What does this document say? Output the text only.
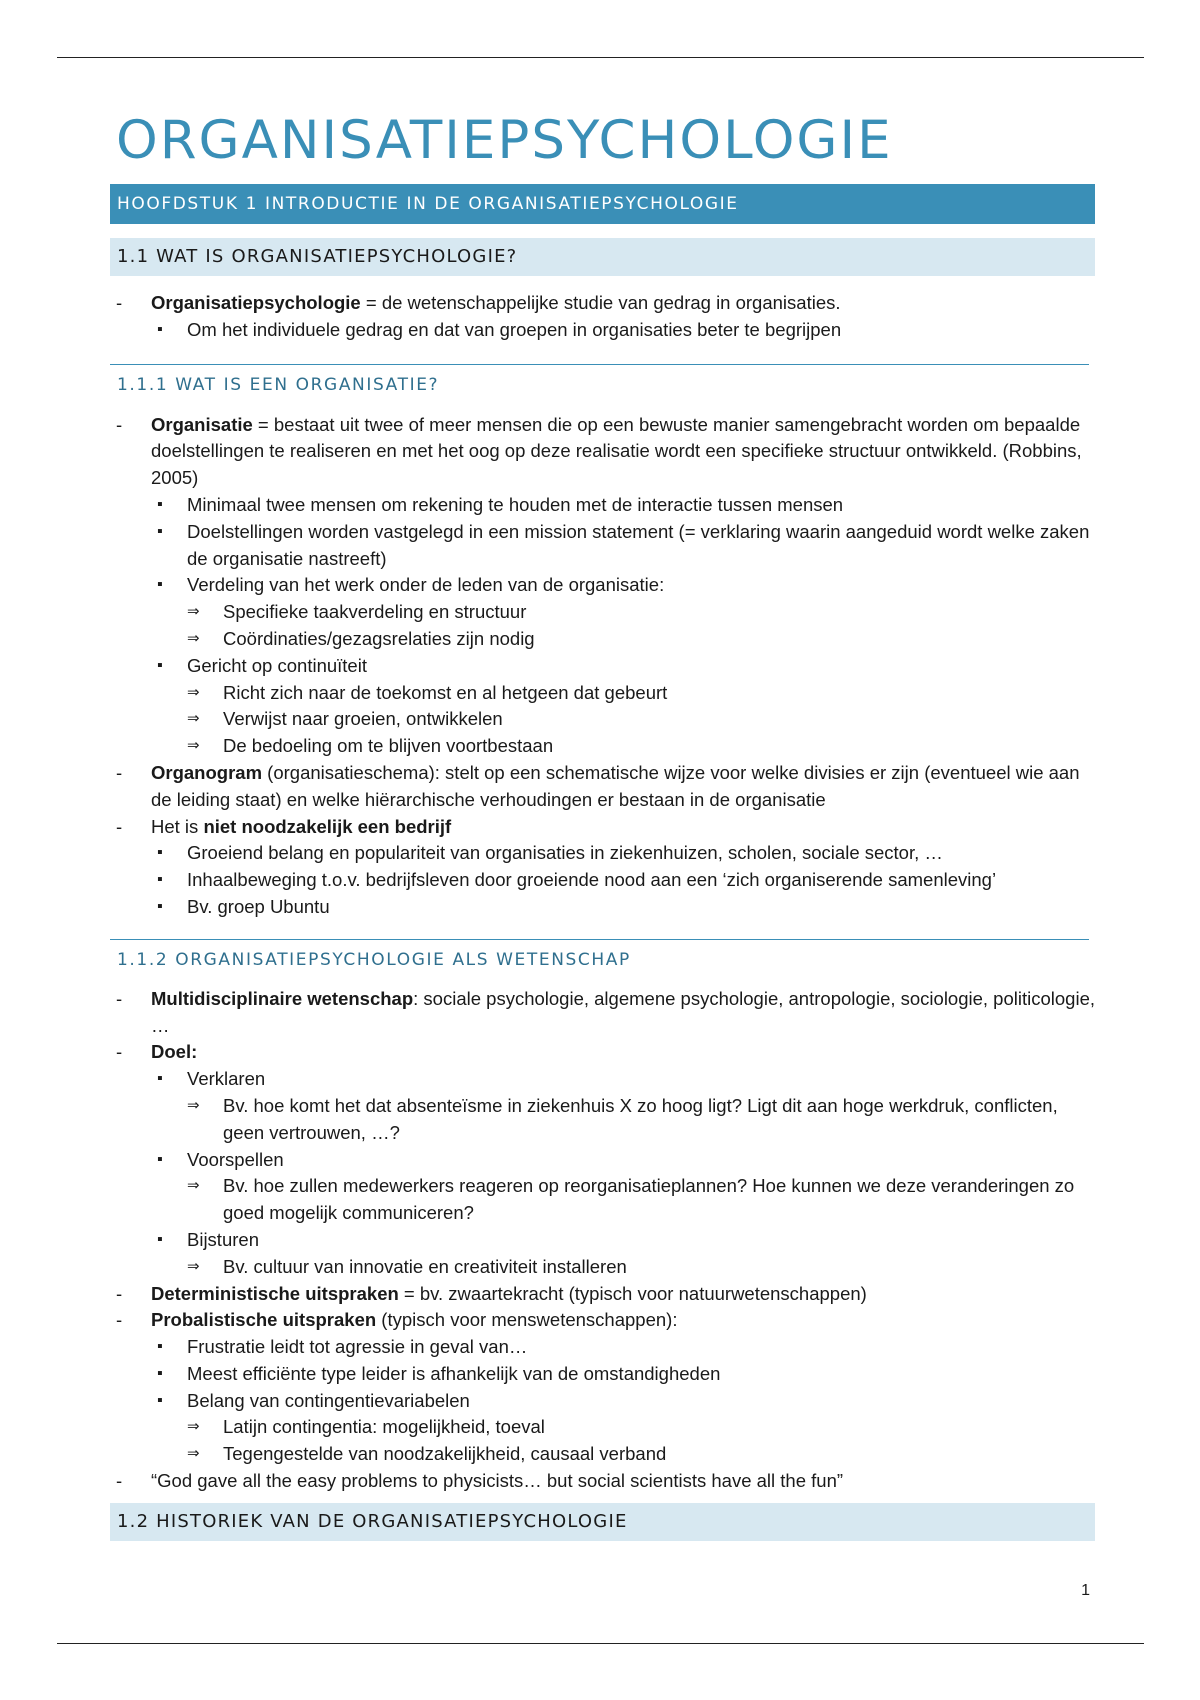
ORGANISATIEPSYCHOLOGIE
HOOFDSTUK 1 INTRODUCTIE IN DE ORGANISATIEPSYCHOLOGIE
1.1 WAT IS ORGANISATIEPSYCHOLOGIE?
- Organisatiepsychologie = de wetenschappelijke studie van gedrag in organisaties.
▪ Om het individuele gedrag en dat van groepen in organisaties beter te begrijpen
1.1.1 WAT IS EEN ORGANISATIE?
- Organisatie = bestaat uit twee of meer mensen die op een bewuste manier samengebracht worden om bepaalde doelstellingen te realiseren en met het oog op deze realisatie wordt een specifieke structuur ontwikkeld. (Robbins, 2005)
▪ Minimaal twee mensen om rekening te houden met de interactie tussen mensen
▪ Doelstellingen worden vastgelegd in een mission statement (= verklaring waarin aangeduid wordt welke zaken de organisatie nastreeft)
▪ Verdeling van het werk onder de leden van de organisatie:
⇒ Specifieke taakverdeling en structuur
⇒ Coördinaties/gezagsrelaties zijn nodig
▪ Gericht op continuïteit
⇒ Richt zich naar de toekomst en al hetgeen dat gebeurt
⇒ Verwijst naar groeien, ontwikkelen
⇒ De bedoeling om te blijven voortbestaan
- Organogram (organisatieschema): stelt op een schematische wijze voor welke divisies er zijn (eventueel wie aan de leiding staat) en welke hiërarchische verhoudingen er bestaan in de organisatie
- Het is niet noodzakelijk een bedrijf
▪ Groeiend belang en populariteit van organisaties in ziekenhuizen, scholen, sociale sector, …
▪ Inhaalbeweging t.o.v. bedrijfsleven door groeiende nood aan een ‘zich organiserende samenleving’
▪ Bv. groep Ubuntu
1.1.2 ORGANISATIEPSYCHOLOGIE ALS WETENSCHAP
- Multidisciplinaire wetenschap: sociale psychologie, algemene psychologie, antropologie, sociologie, politicologie, …
- Doel:
▪ Verklaren
⇒ Bv. hoe komt het dat absenteïsme in ziekenhuis X zo hoog ligt? Ligt dit aan hoge werkdruk, conflicten, geen vertrouwen, …?
▪ Voorspellen
⇒ Bv. hoe zullen medewerkers reageren op reorganisatieplannen? Hoe kunnen we deze veranderingen zo goed mogelijk communiceren?
▪ Bijsturen
⇒ Bv. cultuur van innovatie en creativiteit installeren
- Deterministische uitspraken = bv. zwaartekracht (typisch voor natuurwetenschappen)
- Probalistische uitspraken (typisch voor menswetenschappen):
▪ Frustratie leidt tot agressie in geval van…
▪ Meest efficiënte type leider is afhankelijk van de omstandigheden
▪ Belang van contingentievariabelen
⇒ Latijn contingentia: mogelijkheid, toeval
⇒ Tegengestelde van noodzakelijkheid, causaal verband
- “God gave all the easy problems to physicists… but social scientists have all the fun”
1.2 HISTORIEK VAN DE ORGANISATIEPSYCHOLOGIE
1
